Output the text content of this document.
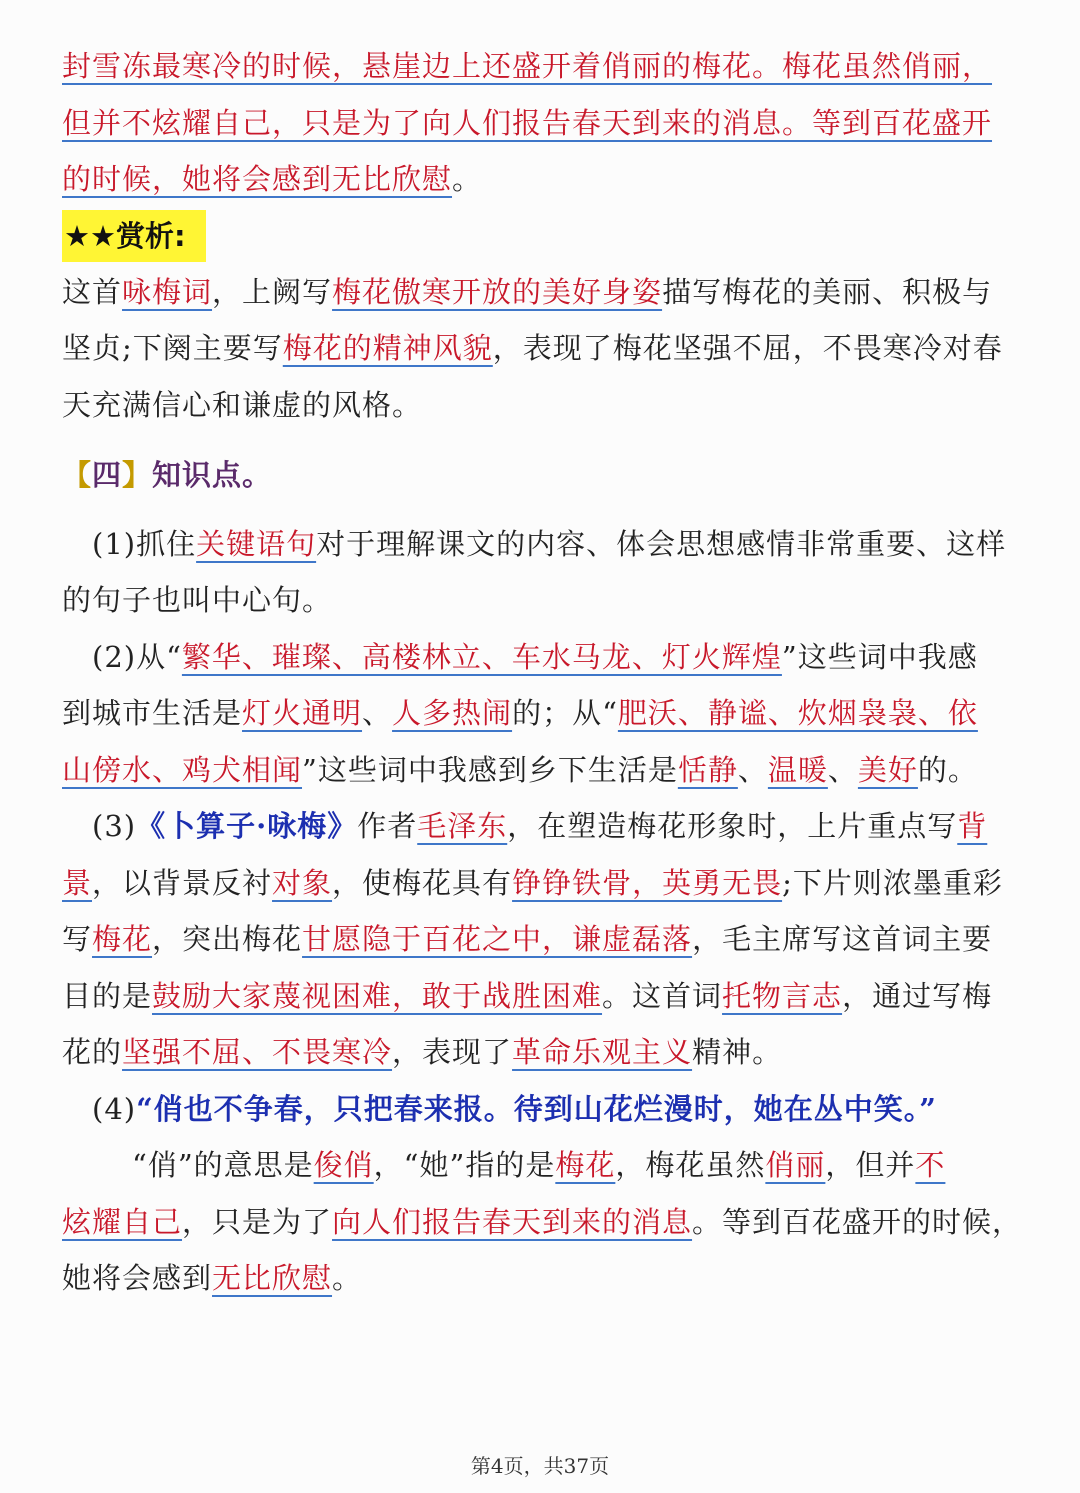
封雪冻最寒冷的时候，悬崖边上还盛开着俏丽的梅花。梅花虽然俏丽，
但并不炫耀自己，只是为了向人们报告春天到来的消息。等到百花盛开
的时候，她将会感到无比欣慰。
★★赏析:
这首咏梅词，上阙写梅花傲寒开放的美好身姿描写梅花的美丽、积极与
坚贞;下阕主要写梅花的精神风貌，表现了梅花坚强不屈，不畏寒冷对春
天充满信心和谦虚的风格。
【四】知识点。
(1)抓住关键语句对于理解课文的内容、体会思想感情非常重要、这样
的句子也叫中心句。
(2)从“繁华、璀璨、高楼林立、车水马龙、灯火辉煌”这些词中我感
到城市生活是灯火通明、人多热闹的；从“肥沃、静谧、炊烟袅袅、依
山傍水、鸡犬相闻”这些词中我感到乡下生活是恬静、温暖、美好的。
(3)《卜算子·咏梅》作者毛泽东，在塑造梅花形象时，上片重点写背
景，以背景反衬对象，使梅花具有铮铮铁骨，英勇无畏;下片则浓墨重彩
写梅花，突出梅花甘愿隐于百花之中，谦虚磊落，毛主席写这首词主要
目的是鼓励大家蔑视困难，敢于战胜困难。这首词托物言志，通过写梅
花的坚强不屈、不畏寒冷，表现了革命乐观主义精神。
(4)“俏也不争春，只把春来报。待到山花烂漫时，她在丛中笑。”
“俏”的意思是俊俏，“她”指的是梅花，梅花虽然俏丽，但并不
炫耀自己，只是为了向人们报告春天到来的消息。等到百花盛开的时候，
她将会感到无比欣慰。
第4页，共37页
